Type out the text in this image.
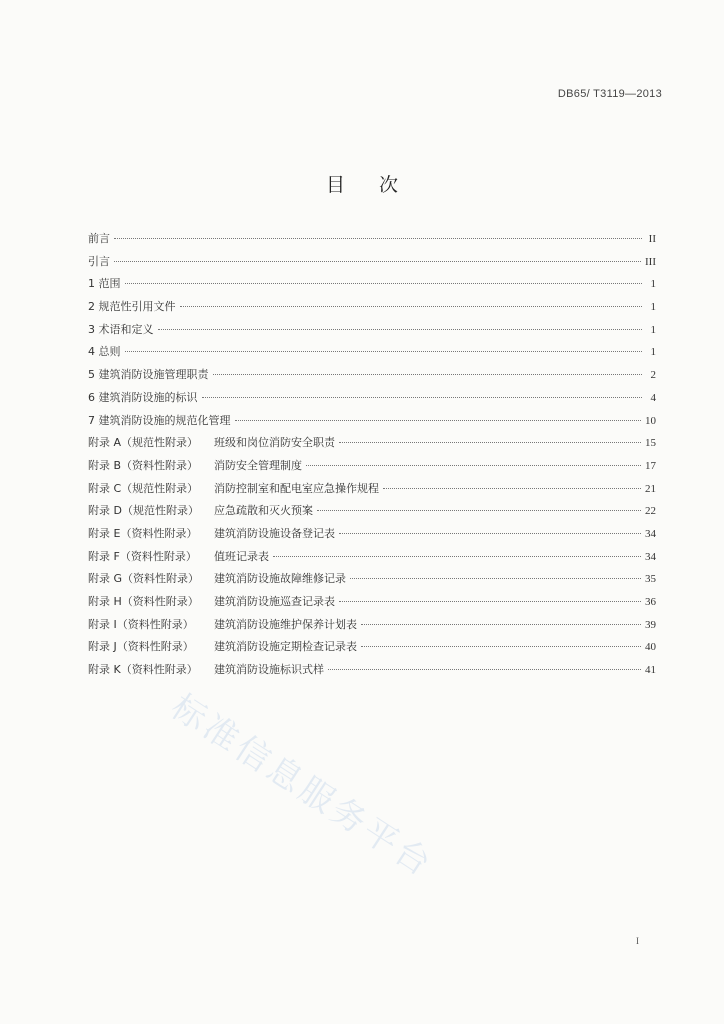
DB65/ T3119—2013
目次
前言	II
引言	III
1 范围	1
2 规范性引用文件	1
3 术语和定义	1
4 总则	1
5 建筑消防设施管理职责	2
6 建筑消防设施的标识	4
7 建筑消防设施的规范化管理	10
附录 A（规范性附录）	班级和岗位消防安全职责	15
附录 B（资料性附录）	消防安全管理制度	17
附录 C（规范性附录）	消防控制室和配电室应急操作规程	21
附录 D（规范性附录）	应急疏散和灭火预案	22
附录 E（资料性附录）	建筑消防设施设备登记表	34
附录 F（资料性附录）	值班记录表	34
附录 G（资料性附录）	建筑消防设施故障维修记录	35
附录 H（资料性附录）	建筑消防设施巡查记录表	36
附录 I（资料性附录）	建筑消防设施维护保养计划表	39
附录 J（资料性附录）	建筑消防设施定期检查记录表	40
附录 K（资料性附录）	建筑消防设施标识式样	41
标准信息服务平台
I
